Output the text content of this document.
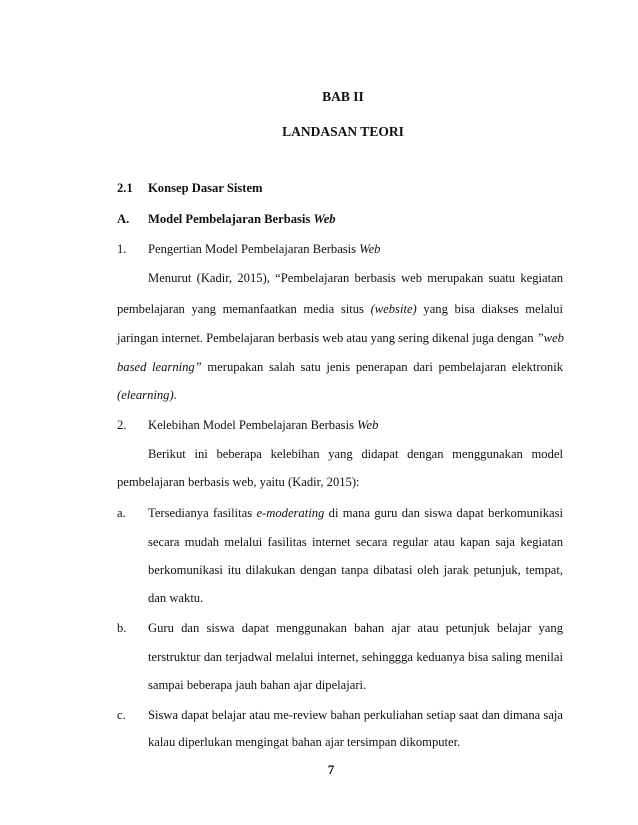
BAB II
LANDASAN TEORI
2.1 Konsep Dasar Sistem
A. Model Pembelajaran Berbasis Web
1. Pengertian Model Pembelajaran Berbasis Web
Menurut (Kadir, 2015), “Pembelajaran berbasis web merupakan suatu kegiatan
pembelajaran yang memanfaatkan media situs (website) yang bisa diakses melalui
jaringan internet. Pembelajaran berbasis web atau yang sering dikenal juga dengan ”web
based learning” merupakan salah satu jenis penerapan dari pembelajaran elektronik
(elearning).
2. Kelebihan Model Pembelajaran Berbasis Web
Berikut ini beberapa kelebihan yang didapat dengan menggunakan model
pembelajaran berbasis web, yaitu (Kadir, 2015):
a. Tersedianya fasilitas e-moderating di mana guru dan siswa dapat berkomunikasi
secara mudah melalui fasilitas internet secara regular atau kapan saja kegiatan
berkomunikasi itu dilakukan dengan tanpa dibatasi oleh jarak petunjuk, tempat,
dan waktu.
b. Guru dan siswa dapat menggunakan bahan ajar atau petunjuk belajar yang
terstruktur dan terjadwal melalui internet, sehinggga keduanya bisa saling menilai
sampai beberapa jauh bahan ajar dipelajari.
c. Siswa dapat belajar atau me-review bahan perkuliahan setiap saat dan dimana saja
kalau diperlukan mengingat bahan ajar tersimpan dikomputer.
7
